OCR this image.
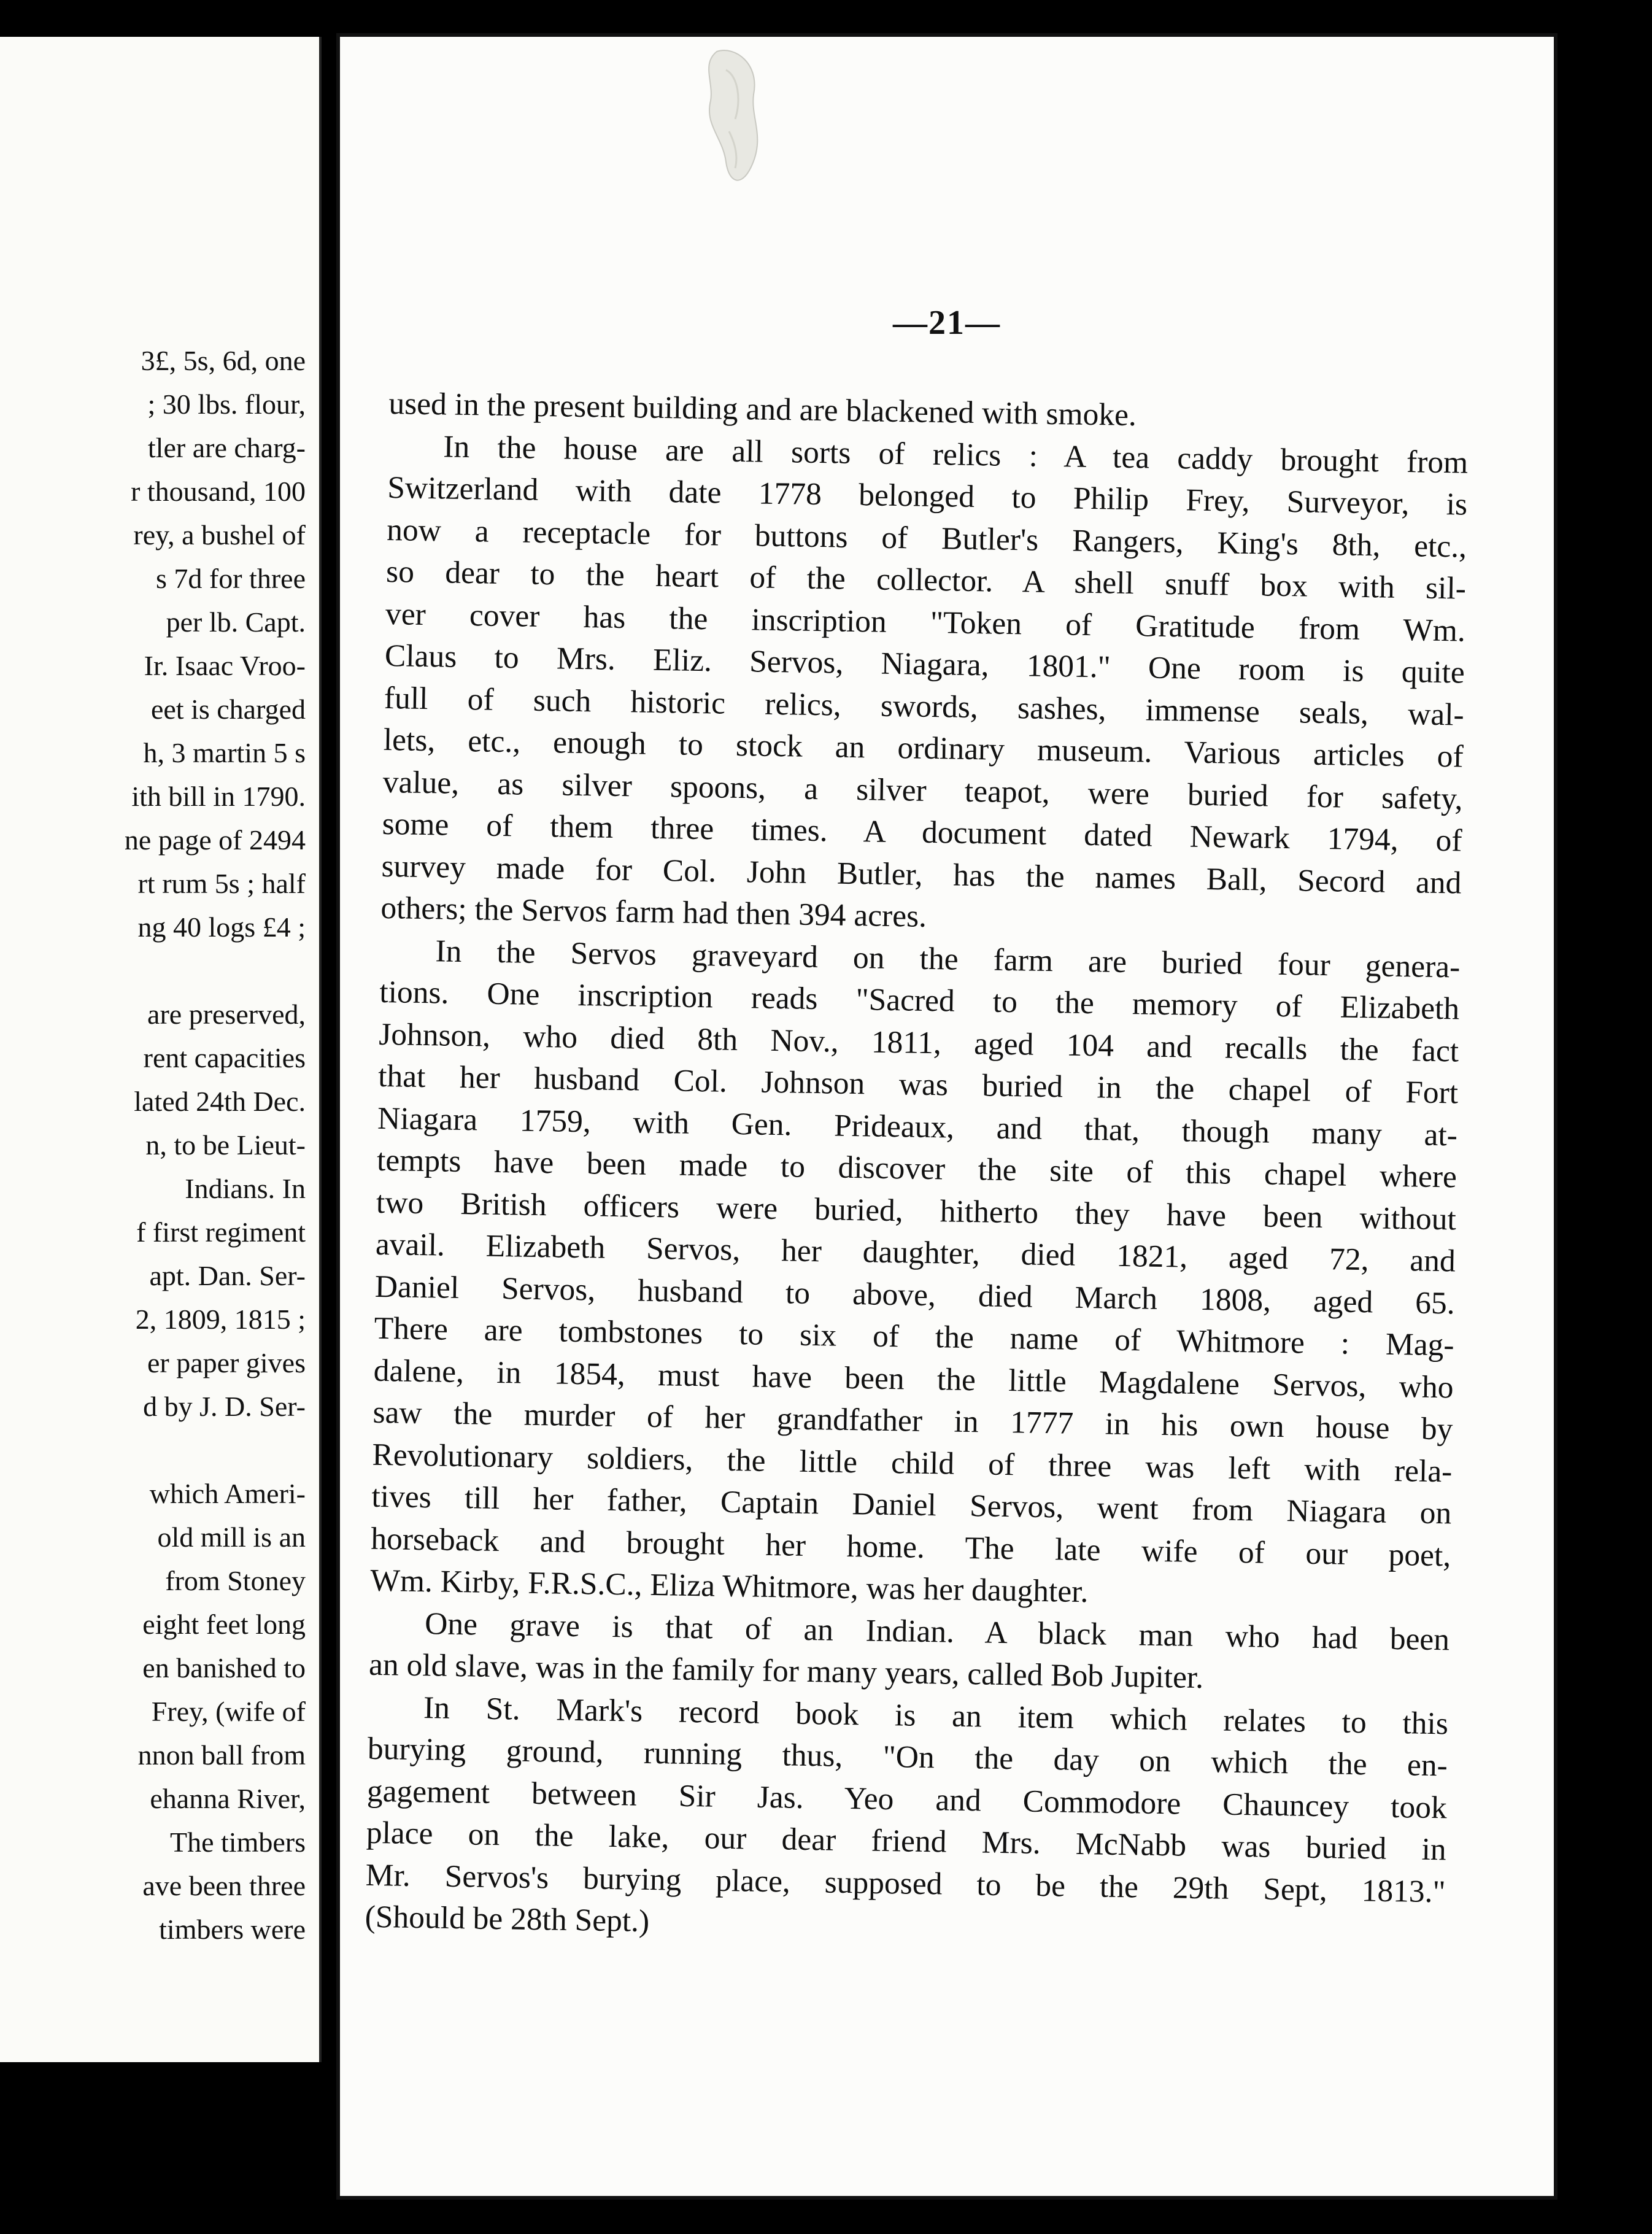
3£, 5s, 6d, one
; 30 lbs. flour,
tler are charg-
r thousand, 100
rey, a bushel of
s 7d for three
per lb. Capt.
Ir. Isaac Vroo-
eet is charged
h, 3 martin 5 s
ith bill in 1790.
ne page of 2494
rt rum 5s ; half
ng 40 logs £4 ;
are preserved,
rent capacities
lated 24th Dec.
n, to be Lieut-
Indians. In
f first regiment
apt. Dan. Ser-
2, 1809, 1815 ;
er paper gives
d by J. D. Ser-
which Ameri-
old mill is an
from Stoney
eight feet long
en banished to
Frey, (wife of
nnon ball from
ehanna River,
The timbers
ave been three
timbers were
—21—
used in the present building and are blackened with smoke.
In the house are all sorts of relics : A tea caddy brought from
Switzerland with date 1778 belonged to Philip Frey, Surveyor, is
now a receptacle for buttons of Butler's Rangers, King's 8th, etc.,
so dear to the heart of the collector. A shell snuff box with sil-
ver cover has the inscription "Token of Gratitude from Wm.
Claus to Mrs. Eliz. Servos, Niagara, 1801." One room is quite
full of such historic relics, swords, sashes, immense seals, wal-
lets, etc., enough to stock an ordinary museum. Various articles of
value, as silver spoons, a silver teapot, were buried for safety,
some of them three times. A document dated Newark 1794, of
survey made for Col. John Butler, has the names Ball, Secord and
others; the Servos farm had then 394 acres.
In the Servos graveyard on the farm are buried four genera-
tions. One inscription reads "Sacred to the memory of Elizabeth
Johnson, who died 8th Nov., 1811, aged 104 and recalls the fact
that her husband Col. Johnson was buried in the chapel of Fort
Niagara 1759, with Gen. Prideaux, and that, though many at-
tempts have been made to discover the site of this chapel where
two British officers were buried, hitherto they have been without
avail. Elizabeth Servos, her daughter, died 1821, aged 72, and
Daniel Servos, husband to above, died March 1808, aged 65.
There are tombstones to six of the name of Whitmore : Mag-
dalene, in 1854, must have been the little Magdalene Servos, who
saw the murder of her grandfather in 1777 in his own house by
Revolutionary soldiers, the little child of three was left with rela-
tives till her father, Captain Daniel Servos, went from Niagara on
horseback and brought her home. The late wife of our poet,
Wm. Kirby, F.R.S.C., Eliza Whitmore, was her daughter.
One grave is that of an Indian. A black man who had been
an old slave, was in the family for many years, called Bob Jupiter.
In St. Mark's record book is an item which relates to this
burying ground, running thus, "On the day on which the en-
gagement between Sir Jas. Yeo and Commodore Chauncey took
place on the lake, our dear friend Mrs. McNabb was buried in
Mr. Servos's burying place, supposed to be the 29th Sept, 1813."
(Should be 28th Sept.)
